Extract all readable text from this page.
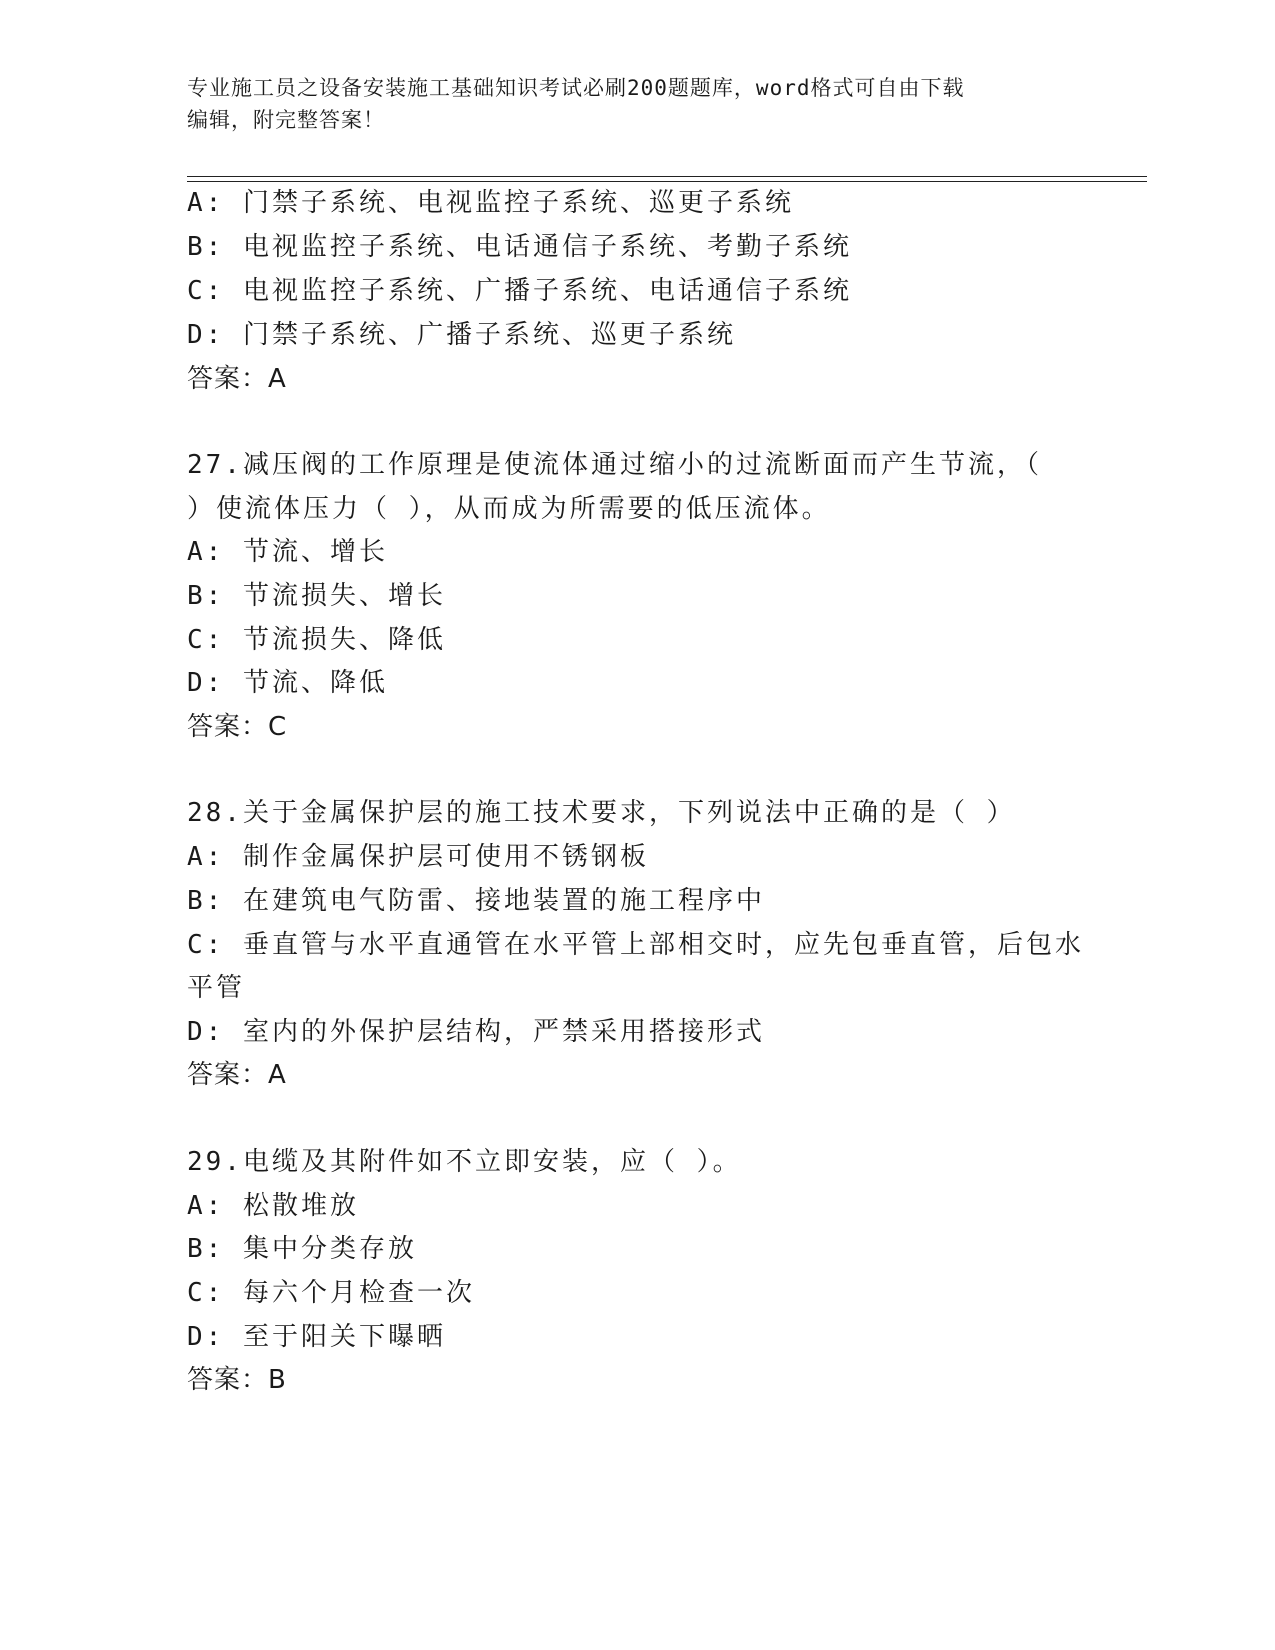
专业施工员之设备安装施工基础知识考试必刷200题题库，word格式可自由下载
编辑，附完整答案！
A: 门禁子系统、电视监控子系统、巡更子系统
B: 电视监控子系统、电话通信子系统、考勤子系统
C: 电视监控子系统、广播子系统、电话通信子系统
D: 门禁子系统、广播子系统、巡更子系统
答案：A
27.减压阀的工作原理是使流体通过缩小的过流断面而产生节流，（
）使流体压力（ ），从而成为所需要的低压流体。
A: 节流、增长
B: 节流损失、增长
C: 节流损失、降低
D: 节流、降低
答案：C
28.关于金属保护层的施工技术要求，下列说法中正确的是（ ）
A: 制作金属保护层可使用不锈钢板
B: 在建筑电气防雷、接地装置的施工程序中
C: 垂直管与水平直通管在水平管上部相交时，应先包垂直管，后包水
平管
D: 室内的外保护层结构，严禁采用搭接形式
答案：A
29.电缆及其附件如不立即安装，应（ ）。
A: 松散堆放
B: 集中分类存放
C: 每六个月检查一次
D: 至于阳关下曝晒
答案：B
